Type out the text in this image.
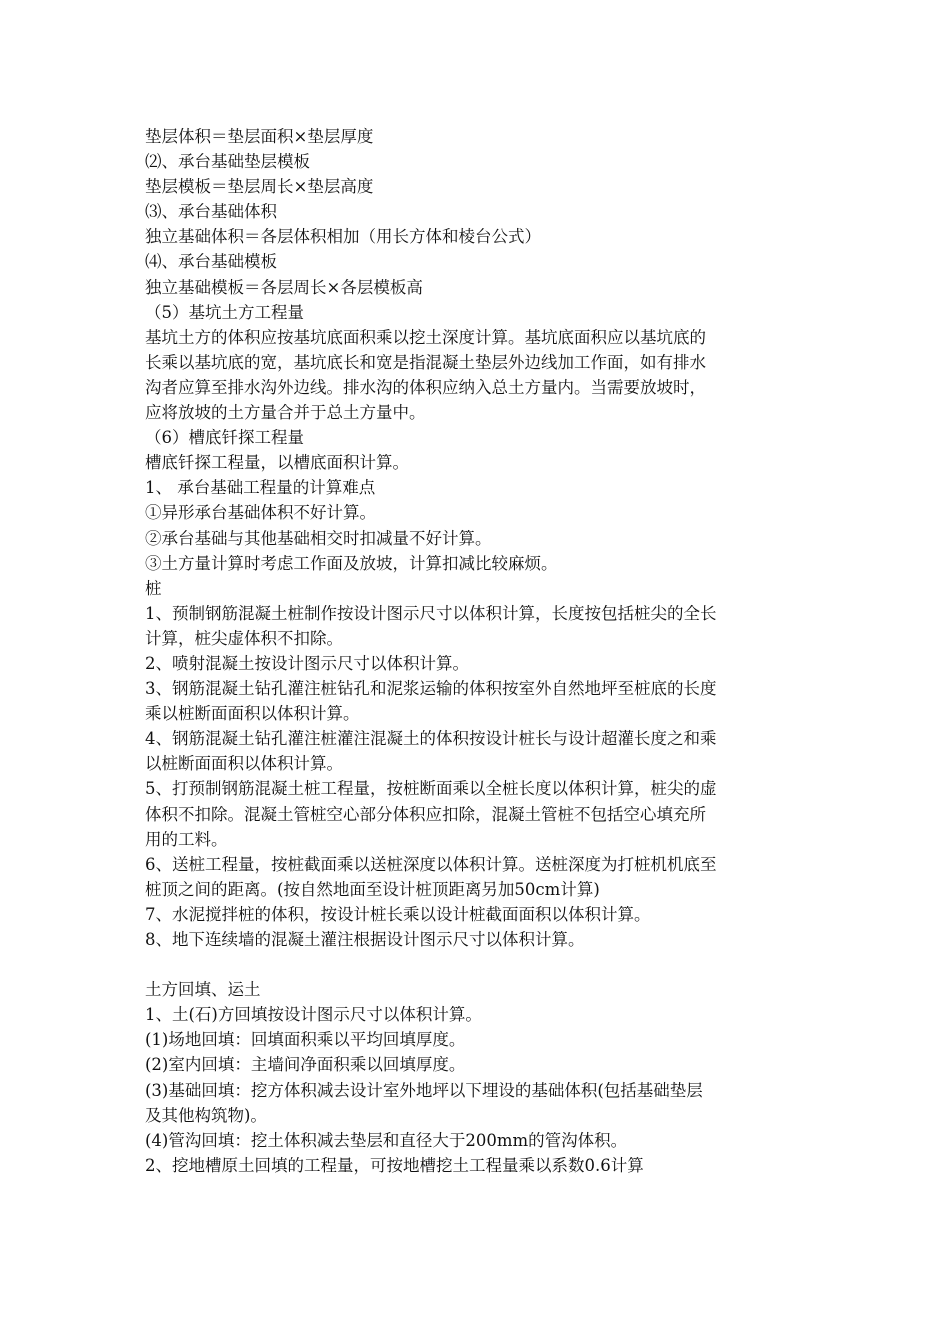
垫层体积＝垫层面积×垫层厚度
⑵、承台基础垫层模板
垫层模板＝垫层周长×垫层高度
⑶、承台基础体积
独立基础体积＝各层体积相加（用长方体和棱台公式）
⑷、承台基础模板
独立基础模板＝各层周长×各层模板高
（5）基坑土方工程量
基坑土方的体积应按基坑底面积乘以挖土深度计算。基坑底面积应以基坑底的
长乘以基坑底的宽，基坑底长和宽是指混凝土垫层外边线加工作面，如有排水
沟者应算至排水沟外边线。排水沟的体积应纳入总土方量内。当需要放坡时，
应将放坡的土方量合并于总土方量中。
（6）槽底钎探工程量
槽底钎探工程量，以槽底面积计算。
1、 承台基础工程量的计算难点
①异形承台基础体积不好计算。
②承台基础与其他基础相交时扣减量不好计算。
③土方量计算时考虑工作面及放坡，计算扣减比较麻烦。
桩
1、预制钢筋混凝土桩制作按设计图示尺寸以体积计算，长度按包括桩尖的全长
计算，桩尖虚体积不扣除。
2、喷射混凝土按设计图示尺寸以体积计算。
3、钢筋混凝土钻孔灌注桩钻孔和泥浆运输的体积按室外自然地坪至桩底的长度
乘以桩断面面积以体积计算。
4、钢筋混凝土钻孔灌注桩灌注混凝土的体积按设计桩长与设计超灌长度之和乘
以桩断面面积以体积计算。
5、打预制钢筋混凝土桩工程量，按桩断面乘以全桩长度以体积计算，桩尖的虚
体积不扣除。混凝土管桩空心部分体积应扣除，混凝土管桩不包括空心填充所
用的工料。
6、送桩工程量，按桩截面乘以送桩深度以体积计算。送桩深度为打桩机机底至
桩顶之间的距离。(按自然地面至设计桩顶距离另加50cm计算)
7、水泥搅拌桩的体积，按设计桩长乘以设计桩截面面积以体积计算。
8、地下连续墙的混凝土灌注根据设计图示尺寸以体积计算。
土方回填、运土
1、土(石)方回填按设计图示尺寸以体积计算。
(1)场地回填：回填面积乘以平均回填厚度。
(2)室内回填：主墙间净面积乘以回填厚度。
(3)基础回填：挖方体积减去设计室外地坪以下埋设的基础体积(包括基础垫层
及其他构筑物)。
(4)管沟回填：挖土体积减去垫层和直径大于200mm的管沟体积。
2、挖地槽原土回填的工程量，可按地槽挖土工程量乘以系数0.6计算
